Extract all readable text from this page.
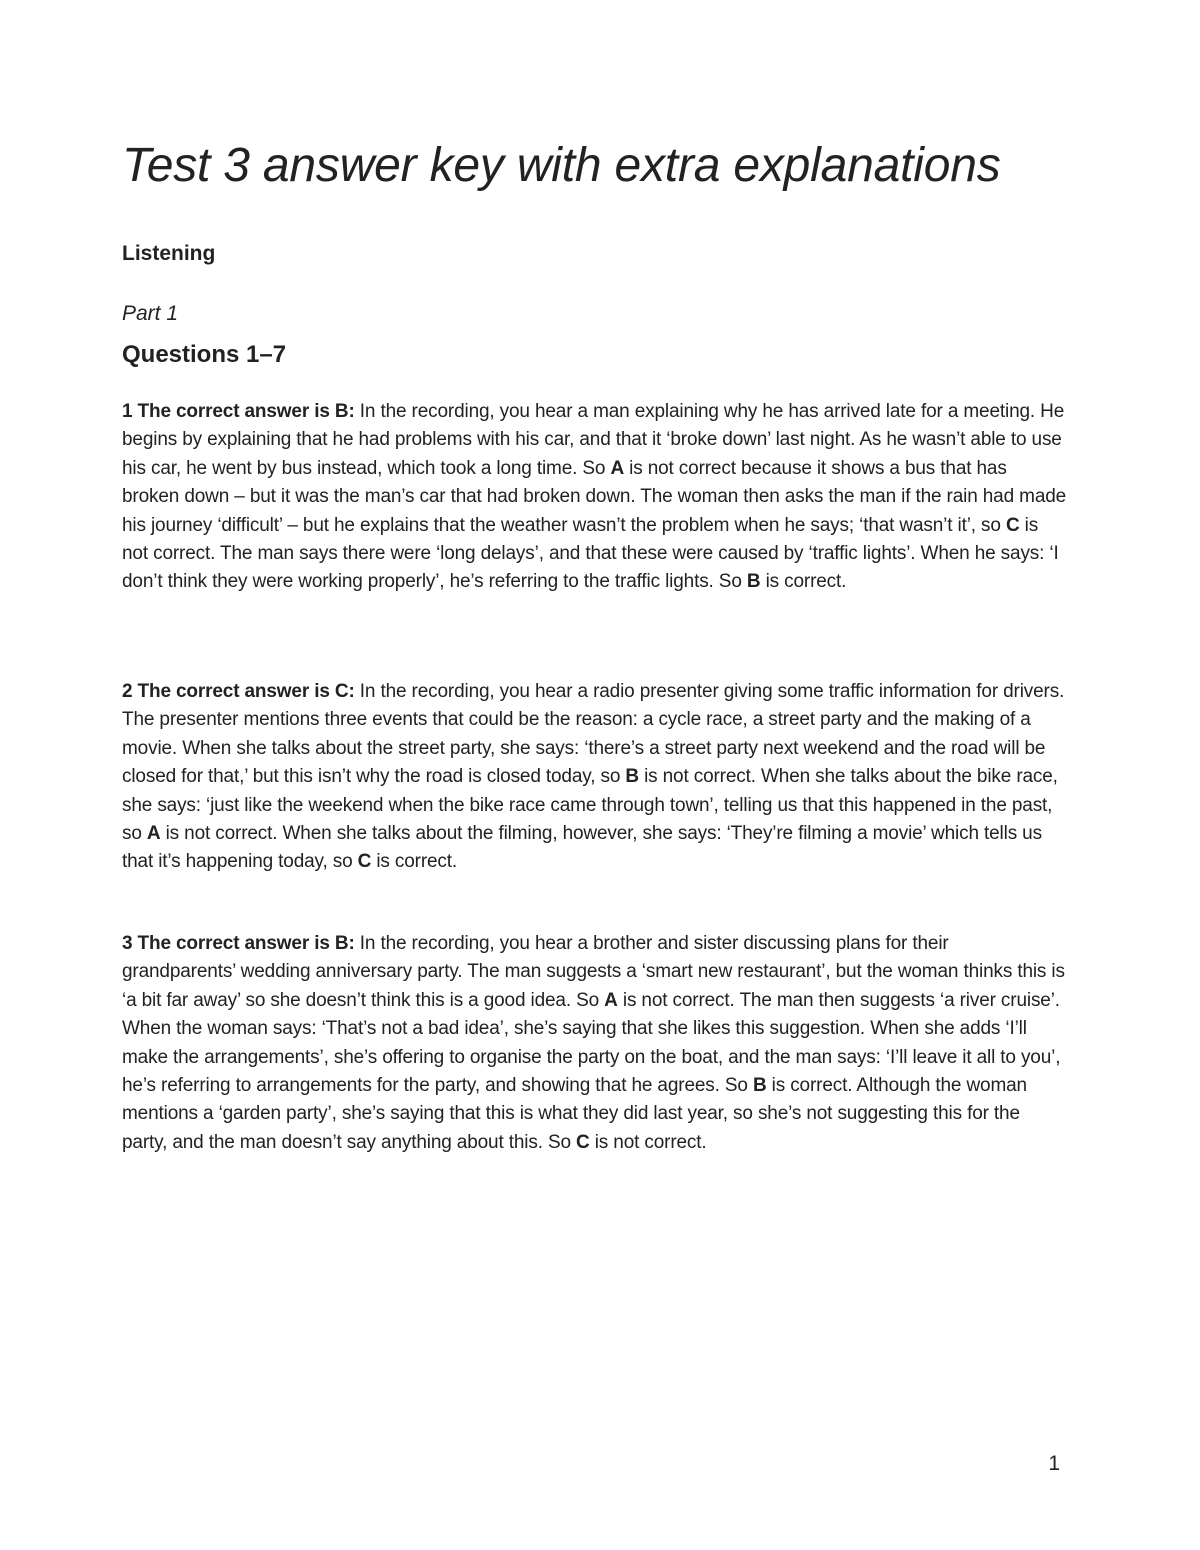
Test 3 answer key with extra explanations
Listening

Part 1

Questions 1–7

1 The correct answer is B: In the recording, you hear a man explaining why he has arrived late for a meeting. He begins by explaining that he had problems with his car, and that it ‘broke down’ last night. As he wasn’t able to use his car, he went by bus instead, which took a long time. So A is not correct because it shows a bus that has broken down – but it was the man’s car that had broken down. The woman then asks the man if the rain had made his journey ‘difficult’ – but he explains that the weather wasn’t the problem when he says; ‘that wasn’t it’, so C is not correct. The man says there were ‘long delays’, and that these were caused by ‘traffic lights’. When he says: ‘I don’t think they were working properly’, he’s referring to the traffic lights. So B is correct.

2 The correct answer is C: In the recording, you hear a radio presenter giving some traffic information for drivers. The presenter mentions three events that could be the reason: a cycle race, a street party and the making of a movie. When she talks about the street party, she says: ‘there’s a street party next weekend and the road will be closed for that,’ but this isn’t why the road is closed today, so B is not correct. When she talks about the bike race, she says: ‘just like the weekend when the bike race came through town’, telling us that this happened in the past, so A is not correct. When she talks about the filming, however, she says: ‘They’re filming a movie’ which tells us that it’s happening today, so C is correct.

3 The correct answer is B: In the recording, you hear a brother and sister discussing plans for their grandparents’ wedding anniversary party. The man suggests a ‘smart new restaurant’, but the woman thinks this is ‘a bit far away’ so she doesn’t think this is a good idea. So A is not correct. The man then suggests ‘a river cruise’. When the woman says: ‘That’s not a bad idea’, she’s saying that she likes this suggestion. When she adds ‘I’ll make the arrangements’, she’s offering to organise the party on the boat, and the man says: ‘I’ll leave it all to you’, he’s referring to arrangements for the party, and showing that he agrees. So B is correct. Although the woman mentions a ‘garden party’, she’s saying that this is what they did last year, so she’s not suggesting this for the party, and the man doesn’t say anything about this. So C is not correct.

1
